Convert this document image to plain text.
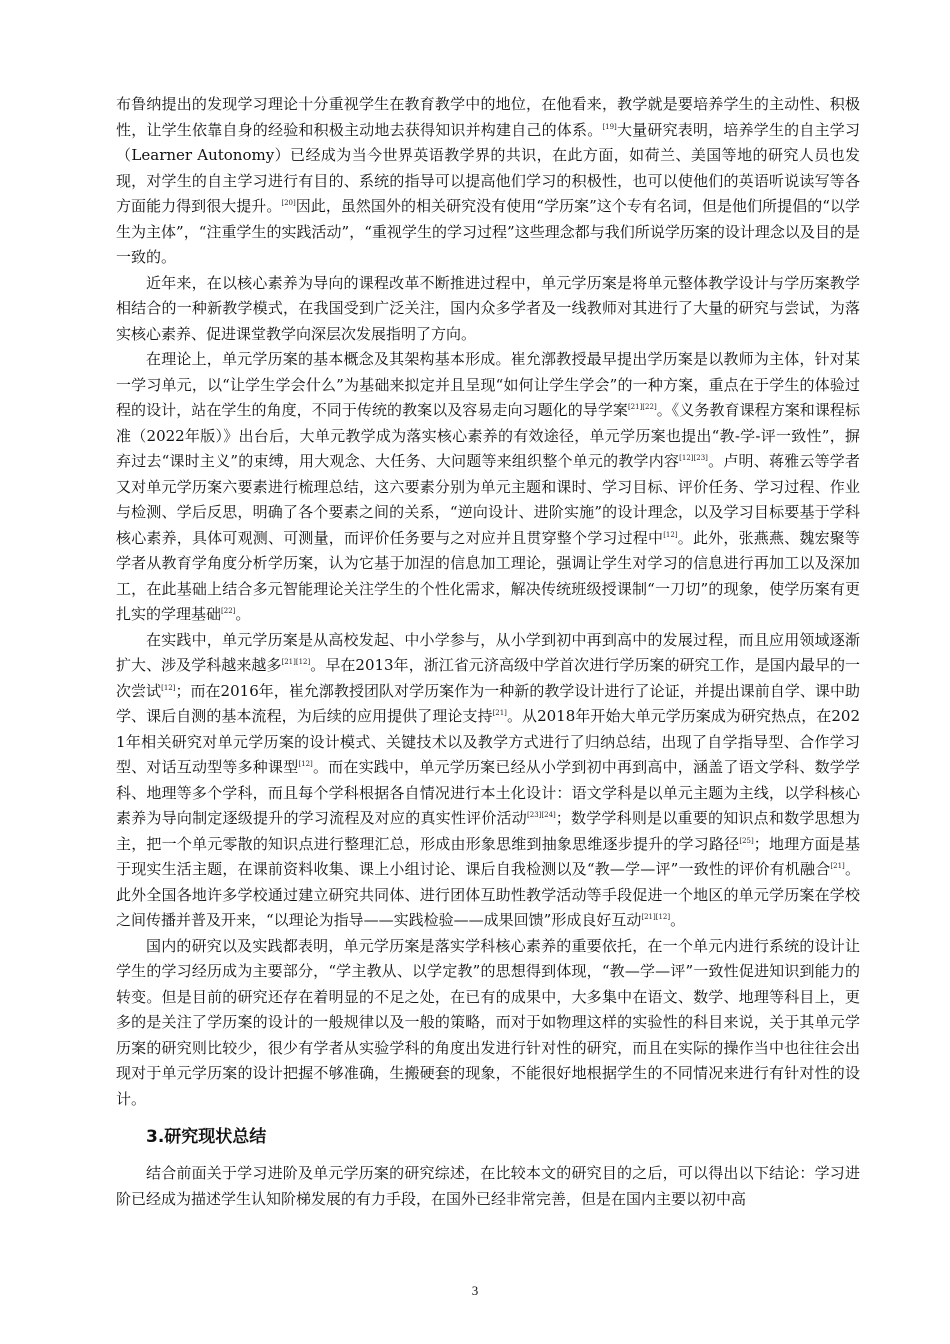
布鲁纳提出的发现学习理论十分重视学生在教育教学中的地位，在他看来，教学就是要培养学生的主动性、积极性，让学生依靠自身的经验和积极主动地去获得知识并构建自己的体系。[19]大量研究表明，培养学生的自主学习（Learner Autonomy）已经成为当今世界英语教学界的共识，在此方面，如荷兰、美国等地的研究人员也发现，对学生的自主学习进行有目的、系统的指导可以提高他们学习的积极性，也可以使他们的英语听说读写等各方面能力得到很大提升。[20]因此，虽然国外的相关研究没有使用“学历案”这个专有名词，但是他们所提倡的“以学生为主体”，“注重学生的实践活动”，“重视学生的学习过程”这些理念都与我们所说学历案的设计理念以及目的是一致的。

近年来，在以核心素养为导向的课程改革不断推进过程中，单元学历案是将单元整体教学设计与学历案教学相结合的一种新教学模式，在我国受到广泛关注，国内众多学者及一线教师对其进行了大量的研究与尝试，为落实核心素养、促进课堂教学向深层次发展指明了方向。

在理论上，单元学历案的基本概念及其架构基本形成。崔允漷教授最早提出学历案是以教师为主体，针对某一学习单元，以“让学生学会什么”为基础来拟定并且呈现“如何让学生学会”的一种方案，重点在于学生的体验过程的设计，站在学生的角度，不同于传统的教案以及容易走向习题化的导学案[21][22]。《义务教育课程方案和课程标准（2022年版）》出台后，大单元教学成为落实核心素养的有效途径，单元学历案也提出“教-学-评一致性”，摒弃过去“课时主义”的束缚，用大观念、大任务、大问题等来组织整个单元的教学内容[12][23]。卢明、蒋雅云等学者又对单元学历案六要素进行梳理总结，这六要素分别为单元主题和课时、学习目标、评价任务、学习过程、作业与检测、学后反思，明确了各个要素之间的关系，“逆向设计、进阶实施”的设计理念，以及学习目标要基于学科核心素养，具体可观测、可测量，而评价任务要与之对应并且贯穿整个学习过程中[12]。此外，张燕燕、魏宏聚等学者从教育学角度分析学历案，认为它基于加涅的信息加工理论，强调让学生对学习的信息进行再加工以及深加工，在此基础上结合多元智能理论关注学生的个性化需求，解决传统班级授课制“一刀切”的现象，使学历案有更扎实的学理基础[22]。

在实践中，单元学历案是从高校发起、中小学参与，从小学到初中再到高中的发展过程，而且应用领域逐渐扩大、涉及学科越来越多[21][12]。早在2013年，浙江省元济高级中学首次进行学历案的研究工作，是国内最早的一次尝试[12]；而在2016年，崔允漷教授团队对学历案作为一种新的教学设计进行了论证，并提出课前自学、课中助学、课后自测的基本流程，为后续的应用提供了理论支持[21]。从2018年开始大单元学历案成为研究热点，在2021年相关研究对单元学历案的设计模式、关键技术以及教学方式进行了归纳总结，出现了自学指导型、合作学习型、对话互动型等多种课型[12]。而在实践中，单元学历案已经从小学到初中再到高中，涵盖了语文学科、数学学科、地理等多个学科，而且每个学科根据各自情况进行本土化设计：语文学科是以单元主题为主线，以学科核心素养为导向制定逐级提升的学习流程及对应的真实性评价活动[23][24]；数学学科则是以重要的知识点和数学思想为主，把一个单元零散的知识点进行整理汇总，形成由形象思维到抽象思维逐步提升的学习路径[25]；地理方面是基于现实生活主题，在课前资料收集、课上小组讨论、课后自我检测以及“教—学—评”一致性的评价有机融合[21]。此外全国各地许多学校通过建立研究共同体、进行团体互助性教学活动等手段促进一个地区的单元学历案在学校之间传播并普及开来，“以理论为指导——实践检验——成果回馈”形成良好互动[21][12]。

国内的研究以及实践都表明，单元学历案是落实学科核心素养的重要依托，在一个单元内进行系统的设计让学生的学习经历成为主要部分，“学主教从、以学定教”的思想得到体现，“教—学—评”一致性促进知识到能力的转变。但是目前的研究还存在着明显的不足之处，在已有的成果中，大多集中在语文、数学、地理等科目上，更多的是关注了学历案的设计的一般规律以及一般的策略，而对于如物理这样的实验性的科目来说，关于其单元学历案的研究则比较少，很少有学者从实验学科的角度出发进行针对性的研究，而且在实际的操作当中也往往会出现对于单元学历案的设计把握不够准确，生搬硬套的现象，不能很好地根据学生的不同情况来进行有针对性的设计。

3.研究现状总结

结合前面关于学习进阶及单元学历案的研究综述，在比较本文的研究目的之后，可以得出以下结论：学习进阶已经成为描述学生认知阶梯发展的有力手段，在国外已经非常完善，但是在国内主要以初中高

3
